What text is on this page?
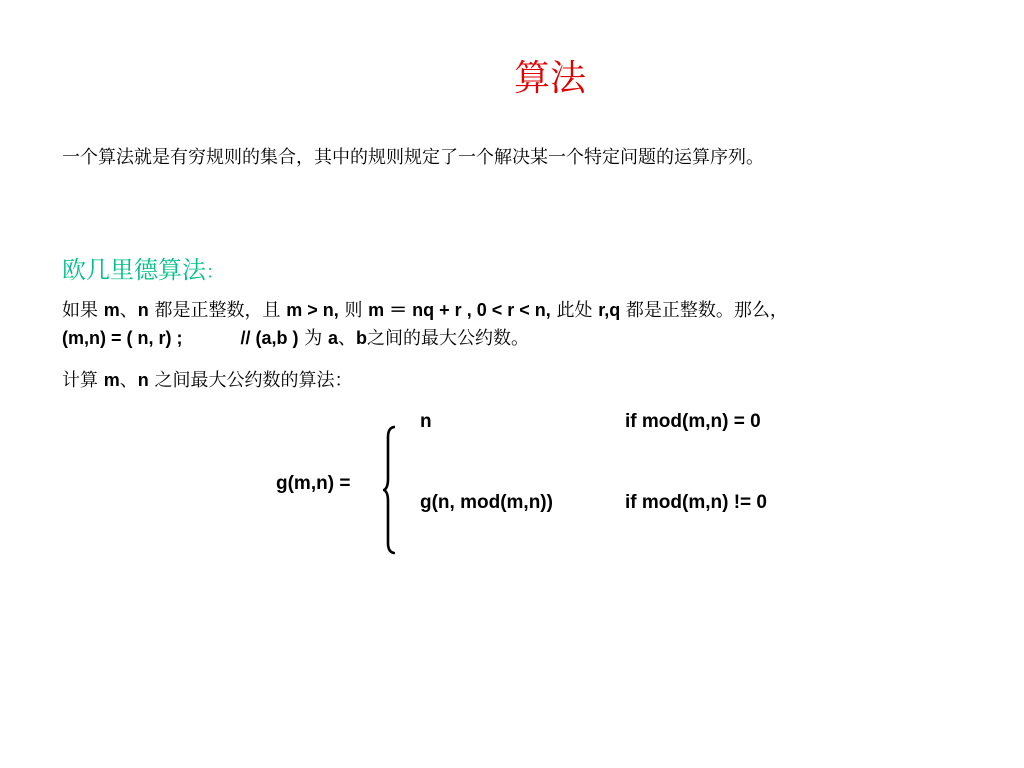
算法
一个算法就是有穷规则的集合，其中的规则规定了一个解决某一个特定问题的运算序列。
欧几里德算法：
如果 m、n 都是正整数，且 m > n, 则 m ＝ nq + r , 0 < r < n, 此处 r,q 都是正整数。那么，
(m,n) = ( n, r) ;	// (a,b ) 为 a、b之间的最大公约数。
计算 m、n 之间最大公约数的算法：
g(m,n) =
n	if mod(m,n) = 0
g(n, mod(m,n))	if mod(m,n) != 0
